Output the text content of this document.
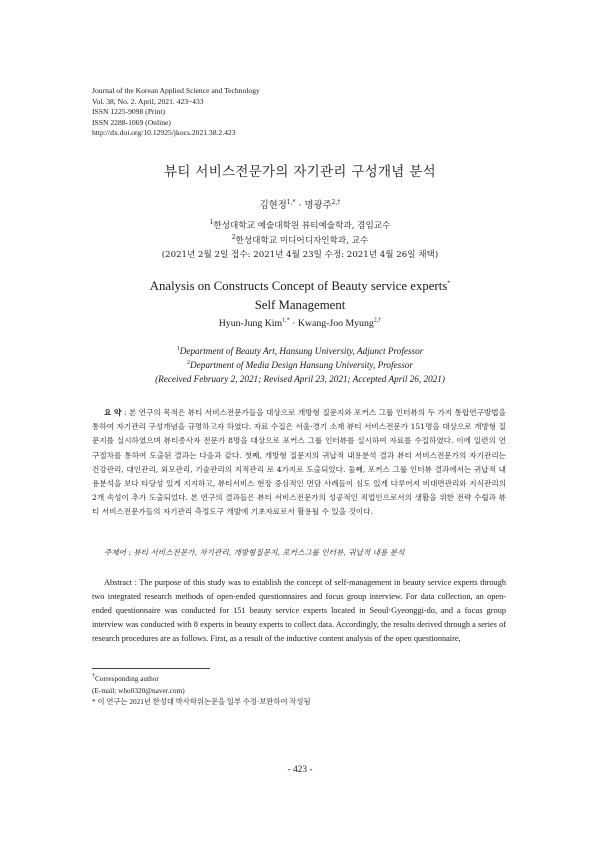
Journal of the Korean Applied Science and Technology
Vol. 38, No. 2. April, 2021. 423~433
ISSN 1225-9098 (Print)
ISSN 2288-1069 (Online)
http://dx.doi.org/10.12925/jkocs.2021.38.2.423
뷰티 서비스전문가의 자기관리 구성개념 분석
김현정$^{1,*}$ · 명광주$^{2,\dagger}$
$^1$한성대학교 예술대학원 뷰티예술학과, 겸임교수
$^2$한성대학교 미디어디자인학과, 교수
(2021년 2월 2일 접수: 2021년 4월 23일 수정: 2021년 4월 26일 채택)
Analysis on Constructs Concept of Beauty service experts*
Self Management
Hyun-Jung Kim$^{1,*}$ · Kwang-Joo Myung$^{2,\dagger}$
$^1$Department of Beauty Art, Hansung University, Adjunct Professor
$^2$Department of Media Design Hansung University, Professor
(Received February 2, 2021; Revised April 23, 2021; Accepted April 26, 2021)
요 약 : 본 연구의 목적은 뷰티 서비스전문가들을 대상으로 개방형 질문지와 포커스 그룹 인터뷰의 두 가지 통합연구방법을 통하여 자기관리 구성개념을 규명하고자 하였다. 자료 수집은 서울·경기 소재 뷰티 서비스전문가 151명을 대상으로 개방형 질문지를 실시하였으며 뷰티종사자 전문가 8명을 대상으로 포커스 그룹 인터뷰를 실시하여 자료를 수집하였다. 이에 일련의 연구절차를 통하여 도출된 결과는 다음과 같다. 첫째, 개방형 질문지의 귀납적 내용분석 결과 뷰티 서비스전문가의 자기관리는 건강관리, 대인관리, 외모관리, 기술관리의 지적관리 로 4가지로 도출되었다. 둘째, 포커스 그룹 인터뷰 결과에서는 귀납적 내용분석을 보다 타당성 있게 지지하고, 뷰티서비스 현장 중심적인 면담 사례들이 심도 있게 다루어져 비대면관리와 지식관리의 2개 속성이 추가 도출되었다. 본 연구의 결과들은 뷰티 서비스전문가의 성공적인 직업인으로서의 생활을 위한 전략 수립과 뷰티 서비스전문가들의 자기관리 측정도구 개발에 기초자료로서 활용될 수 있을 것이다.
주제어 : 뷰티 서비스전문가, 자기관리, 개방형질문지, 포커스그룹 인터뷰, 귀납적 내용 분석
Abstract : The purpose of this study was to establish the concept of self-management in beauty service experts through two integrated research methods of open-ended questionnaires and focus group interview. For data collection, an open-ended questionnaire was conducted for 151 beauty service experts located in Seoul·Gyeonggi-do, and a focus group interview was conducted with 8 experts in beauty experts to collect data. Accordingly, the results derived through a series of research procedures are as follows. First, as a result of the inductive content analysis of the open questionnaire,
†Corresponding author
(E-mail: who0320@naver.com)
* 이 연구는 2021년 한성대 박사학위논문을 일부 수정·보완하여 작성됨
- 423 -
